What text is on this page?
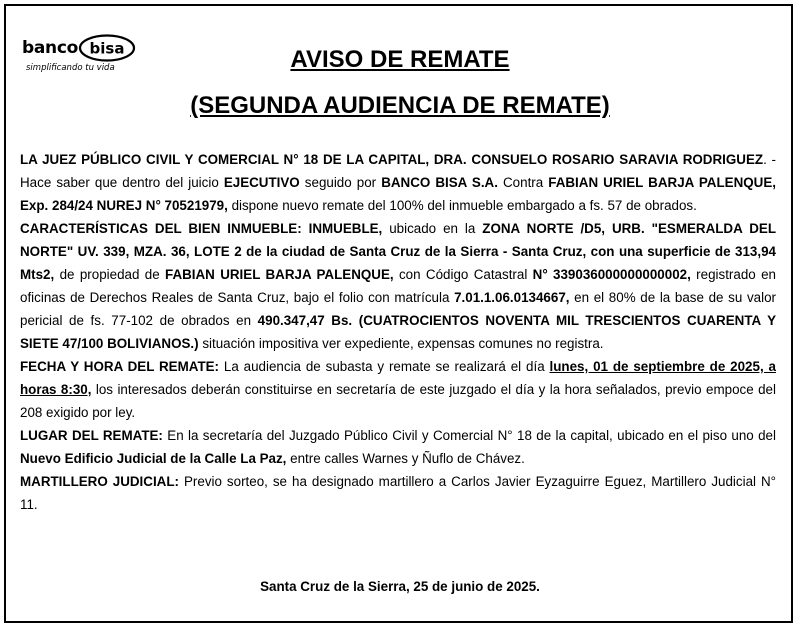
banco bisa
simplificando tu vida	AVISO DE REMATE
(SEGUNDA AUDIENCIA DE REMATE)

LA JUEZ PÚBLICO CIVIL Y COMERCIAL N° 18 DE LA CAPITAL, DRA. CONSUELO ROSARIO SARAVIA RODRIGUEZ. - Hace saber que dentro del juicio EJECUTIVO seguido por BANCO BISA S.A. Contra FABIAN URIEL BARJA PALENQUE, Exp. 284/24 NUREJ N° 70521979, dispone nuevo remate del 100% del inmueble embargado a fs. 57 de obrados.

CARACTERÍSTICAS DEL BIEN INMUEBLE: INMUEBLE, ubicado en la ZONA NORTE /D5, URB. "ESMERALDA DEL NORTE" UV. 339, MZA. 36, LOTE 2 de la ciudad de Santa Cruz de la Sierra - Santa Cruz, con una superficie de 313,94 Mts2, de propiedad de FABIAN URIEL BARJA PALENQUE, con Código Catastral N° 339036000000000002, registrado en oficinas de Derechos Reales de Santa Cruz, bajo el folio con matrícula 7.01.1.06.0134667, en el 80% de la base de su valor pericial de fs. 77-102 de obrados en 490.347,47 Bs. (CUATROCIENTOS NOVENTA MIL TRESCIENTOS CUARENTA Y SIETE 47/100 BOLIVIANOS.) situación impositiva ver expediente, expensas comunes no registra.

FECHA Y HORA DEL REMATE: La audiencia de subasta y remate se realizará el día lunes, 01 de septiembre de 2025, a horas 8:30, los interesados deberán constituirse en secretaría de este juzgado el día y la hora señalados, previo empoce del 208 exigido por ley.

LUGAR DEL REMATE: En la secretaría del Juzgado Público Civil y Comercial N° 18 de la capital, ubicado en el piso uno del Nuevo Edificio Judicial de la Calle La Paz, entre calles Warnes y Ñuflo de Chávez.

MARTILLERO JUDICIAL: Previo sorteo, se ha designado martillero a Carlos Javier Eyzaguirre Eguez, Martillero Judicial N° 11.

Santa Cruz de la Sierra, 25 de junio de 2025.
